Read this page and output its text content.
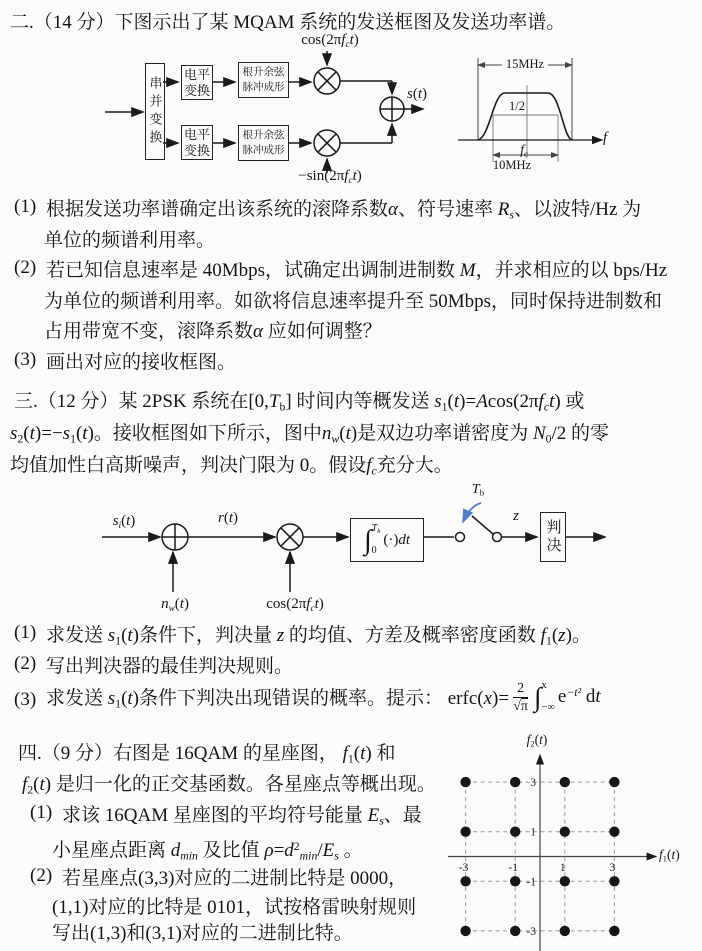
二.（14 分）下图示出了某 MQAM 系统的发送框图及发送功率谱。
串并变换
电平变换
电平变换
根升余弦
脉冲成形
根升余弦
脉冲成形
cos(2πfct)
−sin(2πfct)
s(t)
15MHz
1/2
fc
10MHz
f
(1) 根据发送功率谱确定出该系统的滚降系数α、符号速率 Rs、以波特/Hz 为
单位的频谱利用率。
(2) 若已知信息速率是 40Mbps，试确定出调制进制数 M，并求相应的以 bps/Hz
为单位的频谱利用率。如欲将信息速率提升至 50Mbps，同时保持进制数和
占用带宽不变，滚降系数α 应如何调整？
(3) 画出对应的接收框图。
三.（12 分）某 2PSK 系统在[0,Tb] 时间内等概发送 s1(t)=Acos(2πfct) 或
s2(t)=−s1(t)。接收框图如下所示，图中nw(t)是双边功率谱密度为 N0/2 的零
均值加性白高斯噪声，判决门限为 0。假设fc充分大。
∫ Tb
0
(·)dt	判决
si(t)	r(t)
nw(t)	cos(2πfct)
Tb
z
(1) 求发送 s1(t)条件下，判决量 z 的均值、方差及概率密度函数 f1(z)。
(2) 写出判决器的最佳判决规则。
(3) 求发送 s1(t)条件下判决出现错误的概率。提示： erfc(x)= $\frac{2}{√\pi}$ ∫ x
−∞
$e^{-t^2}$ dt
四.（9 分）右图是 16QAM 的星座图， f1(t) 和
f2(t) 是归一化的正交基函数。各星座点等概出现。
(1) 求该 16QAM 星座图的平均符号能量 Es、最
小星座点距离 dmin 及比值 $\rho=d^2\min/Es$ 。
(2) 若星座点(3,3)对应的二进制比特是 0000，
(1,1)对应的比特是 0101，试按格雷映射规则
写出(1,3)和(3,1)对应的二进制比特。
-3
3
-1
1
1
-1
3
-3
f2(t)
f1(t)
